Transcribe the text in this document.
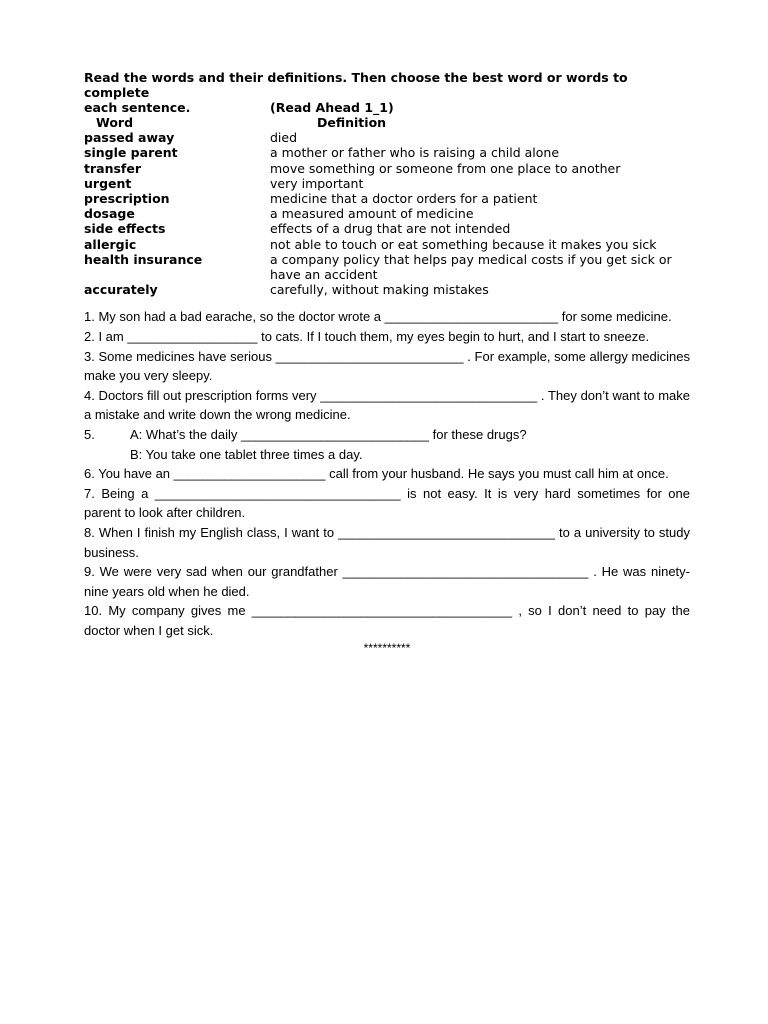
Read the words and their definitions. Then choose the best word or words to complete
each sentence.	(Read Ahead 1_1)
Word	Definition
passed away	died
single parent	a mother or father who is raising a child alone
transfer	move something or someone from one place to another
urgent	very important
prescription	medicine that a doctor orders for a patient
dosage	a measured amount of medicine
side effects	effects of a drug that are not intended
allergic	not able to touch or eat something because it makes you sick
health insurance	a company policy that helps pay medical costs if you get sick or have an accident
accurately	carefully, without making mistakes

1. My son had a bad earache, so the doctor wrote a ________________________ for some medicine.

2. I am __________________ to cats. If I touch them, my eyes begin to hurt, and I start to sneeze.

3. Some medicines have serious __________________________ . For example, some allergy medicines make you very sleepy.

4. Doctors fill out prescription forms very ______________________________ . They don’t want to make a mistake and write down the wrong medicine.

5.	A: What’s the daily __________________________ for these drugs?

B: You take one tablet three times a day.

6. You have an _____________________ call from your husband. He says you must call him at once.

7. Being a __________________________________ is not easy. It is very hard sometimes for one parent to look after children.

8. When I finish my English class, I want to ______________________________ to a university to study business.

9. We were very sad when our grandfather __________________________________ . He was ninety-nine years old when he died.

10. My company gives me ____________________________________ , so I don’t need to pay the doctor when I get sick.

**********
